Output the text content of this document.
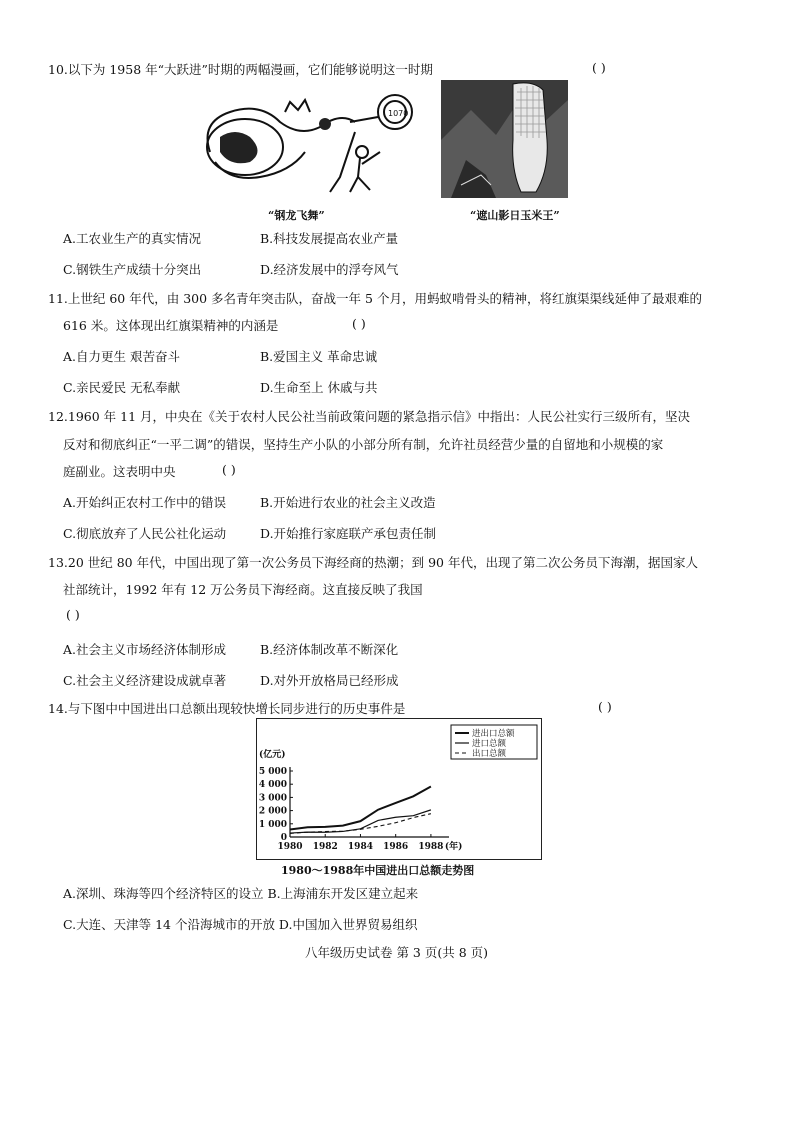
10.以下为 1958 年“大跃进”时期的两幅漫画，它们能够说明这一时期	( )
1070
“钢龙飞舞”	“遮山影日玉米王”
A.工农业生产的真实情况	B.科技发展提高农业产量
C.钢铁生产成绩十分突出	D.经济发展中的浮夸风气
11.上世纪 60 年代，由 300 多名青年突击队，奋战一年 5 个月，用蚂蚁啃骨头的精神，将红旗渠渠线延伸了最艰难的
616 米。这体现出红旗渠精神的内涵是	( )
A.自力更生 艰苦奋斗	B.爱国主义 革命忠诚
C.亲民爱民 无私奉献	D.生命至上 休戚与共
12.1960 年 11 月，中央在《关于农村人民公社当前政策问题的紧急指示信》中指出：人民公社实行三级所有，坚决
反对和彻底纠正“一平二调”的错误，坚持生产小队的小部分所有制，允许社员经营少量的自留地和小规模的家
庭副业。这表明中央	( )
A.开始纠正农村工作中的错误	B.开始进行农业的社会主义改造
C.彻底放弃了人民公社化运动	D.开始推行家庭联产承包责任制
13.20 世纪 80 年代，中国出现了第一次公务员下海经商的热潮；到 90 年代，出现了第二次公务员下海潮，据国家人
社部统计，1992 年有 12 万公务员下海经商。这直接反映了我国
( )
A.社会主义市场经济体制形成	B.经济体制改革不断深化
C.社会主义经济建设成就卓著	D.对外开放格局已经形成
14.与下图中中国进出口总额出现较快增长同步进行的历史事件是	( )
(亿元)
5 000
4 000
3 000
2 000
1 000
0
1980 1982 1984 1986 1988 (年)
进出口总额
进口总额
出口总额
1980～1988年中国进出口总额走势图
A.深圳、珠海等四个经济特区的设立 B.上海浦东开发区建立起来
C.大连、天津等 14 个沿海城市的开放 D.中国加入世界贸易组织
八年级历史试卷 第 3 页(共 8 页)
